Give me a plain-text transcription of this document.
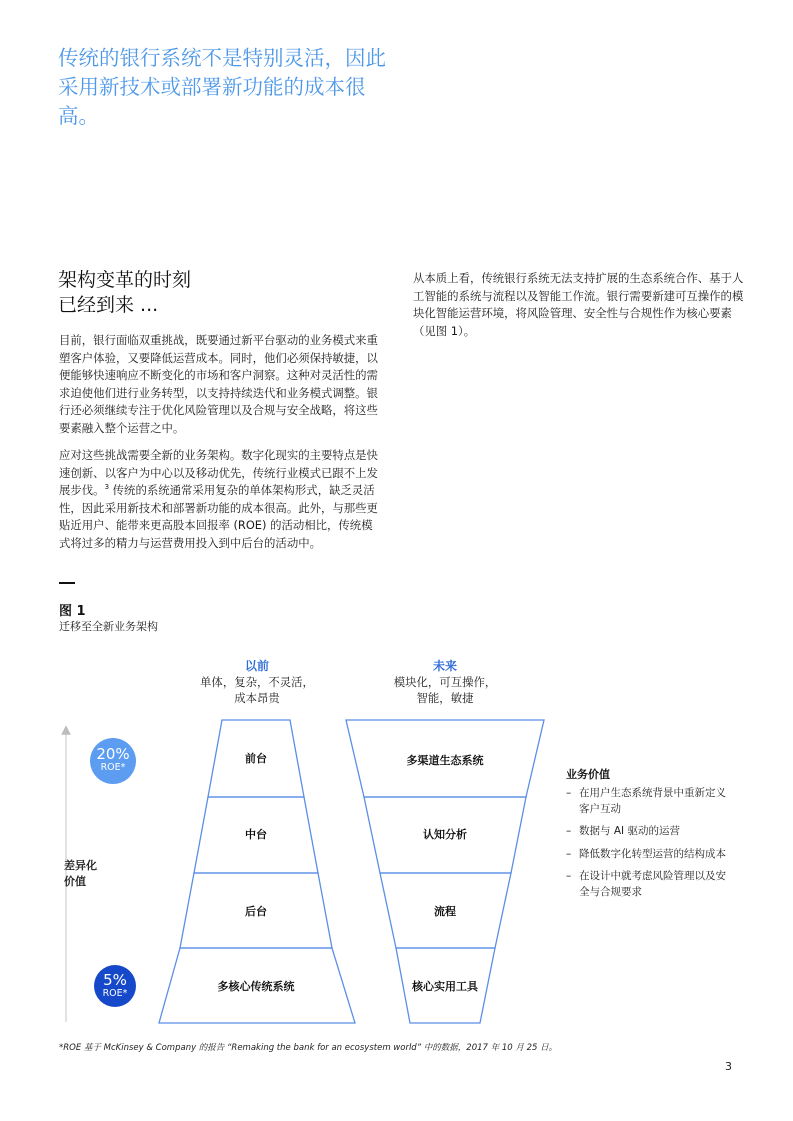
传统的银行系统不是特别灵活，因此采用新技术或部署新功能的成本很高。
架构变革的时刻
已经到来 ...
目前，银行面临双重挑战，既要通过新平台驱动的业务模式来重塑客户体验，又要降低运营成本。同时，他们必须保持敏捷，以便能够快速响应不断变化的市场和客户洞察。这种对灵活性的需求迫使他们进行业务转型，以支持持续迭代和业务模式调整。银行还必须继续专注于优化风险管理以及合规与安全战略，将这些要素融入整个运营之中。
应对这些挑战需要全新的业务架构。数字化现实的主要特点是快速创新、以客户为中心以及移动优先，传统行业模式已跟不上发展步伐。$^3$ 传统的系统通常采用复杂的单体架构形式，缺乏灵活性，因此采用新技术和部署新功能的成本很高。此外，与那些更贴近用户、能带来更高股本回报率 (ROE) 的活动相比，传统模式将过多的精力与运营费用投入到中后台的活动中。
从本质上看，传统银行系统无法支持扩展的生态系统合作、基于人工智能的系统与流程以及智能工作流。银行需要新建可互操作的模块化智能运营环境，将风险管理、安全性与合规性作为核心要素（见图 1）。
图 1
迁移至全新业务架构
以前
单体，复杂，不灵活，
成本昂贵
未来
模块化，可互操作，
智能，敏捷
前台
中台
后台
多核心传统系统
多渠道生态系统
认知分析
流程
核心实用工具
差异化
价值
20%
ROE*
5%
ROE*
业务价值
– 在用户生态系统背景中重新定义客户互动
– 数据与 AI 驱动的运营
– 降低数字化转型运营的结构成本
– 在设计中就考虑风险管理以及安全与合规要求
*ROE 基于 McKinsey & Company 的报告 “Remaking the bank for an ecosystem world” 中的数据，2017 年 10 月 25 日。
3
